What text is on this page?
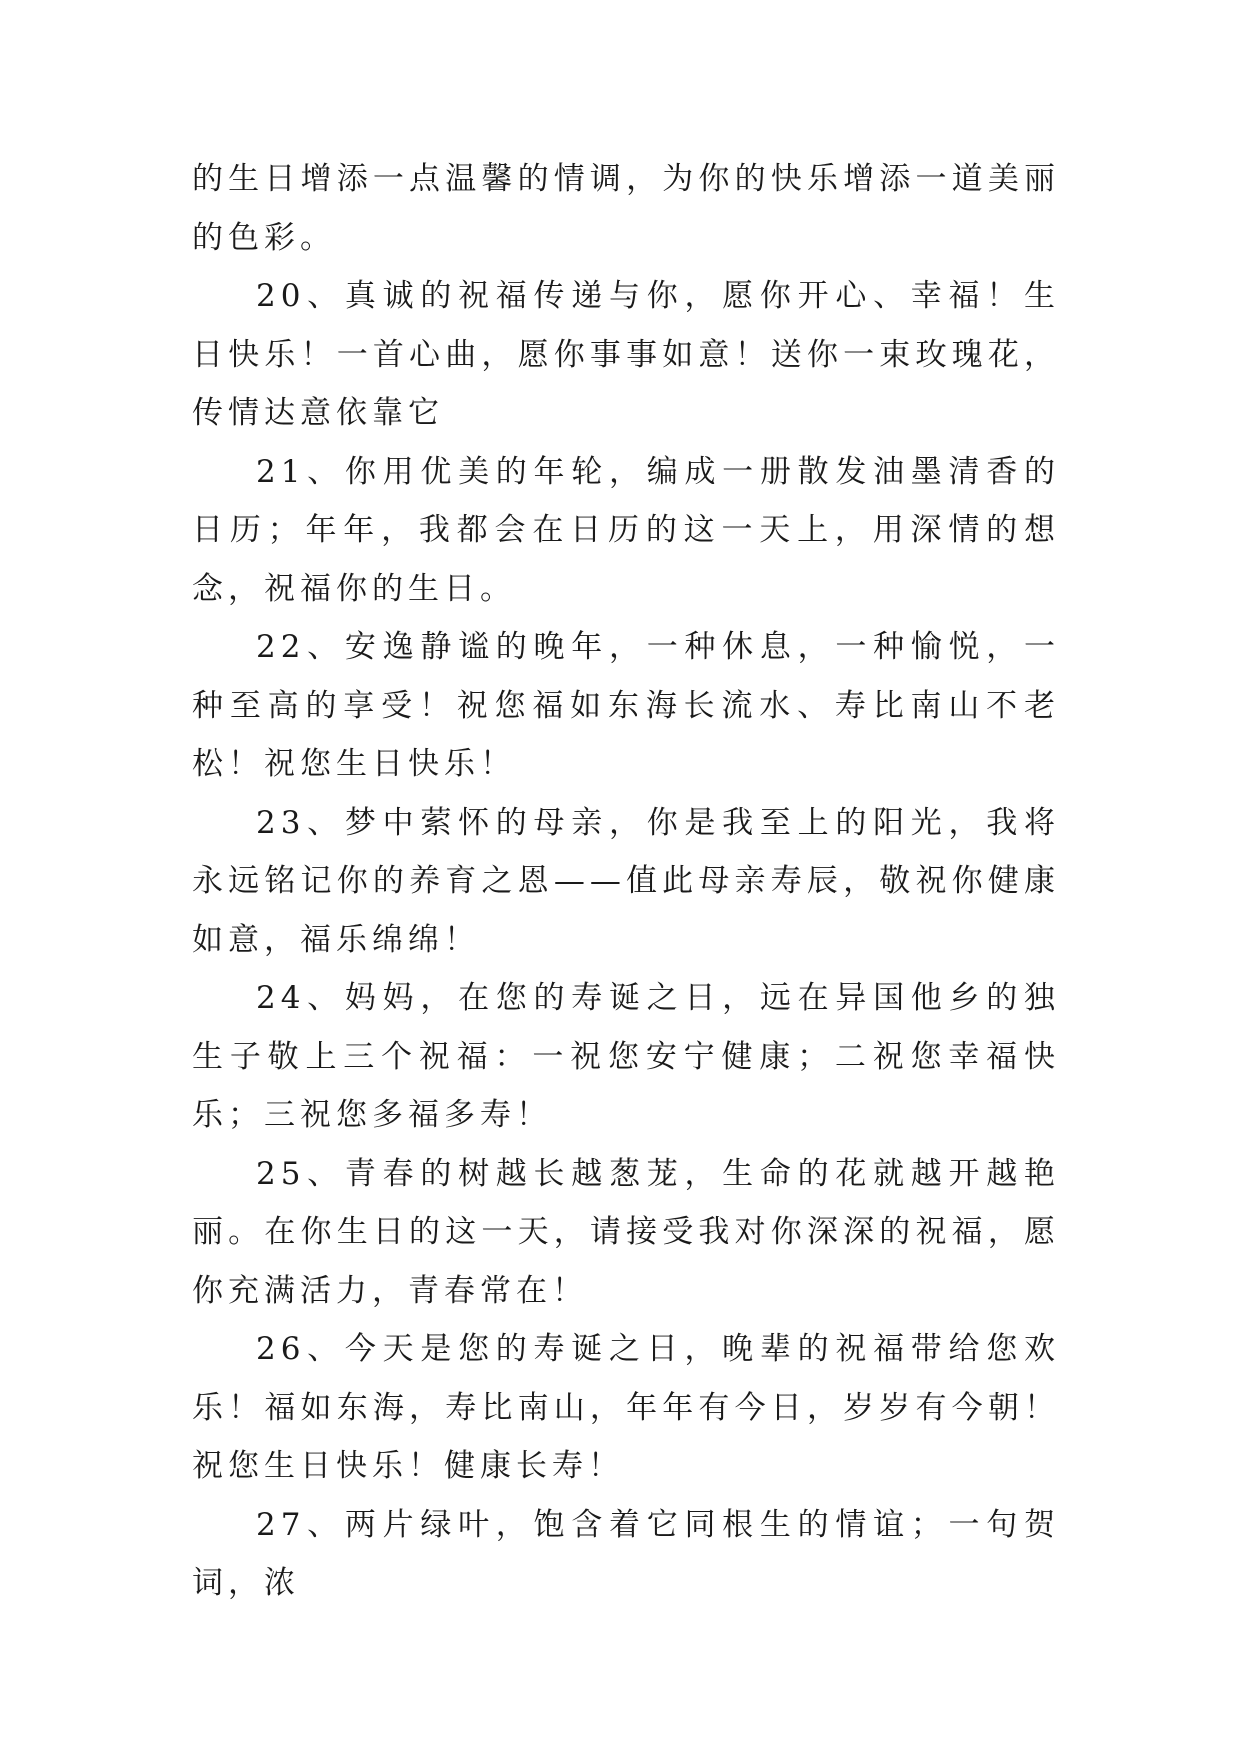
的生日增添一点温馨的情调，为你的快乐增添一道美丽的色彩。

20、真诚的祝福传递与你，愿你开心、幸福！生日快乐！一首心曲，愿你事事如意！送你一束玫瑰花，传情达意依靠它

21、你用优美的年轮，编成一册散发油墨清香的日历；年年，我都会在日历的这一天上，用深情的想念，祝福你的生日。

22、安逸静谧的晚年，一种休息，一种愉悦，一种至高的享受！祝您福如东海长流水、寿比南山不老松！祝您生日快乐！

23、梦中萦怀的母亲，你是我至上的阳光，我将永远铭记你的养育之恩——值此母亲寿辰，敬祝你健康如意，福乐绵绵！

24、妈妈，在您的寿诞之日，远在异国他乡的独生子敬上三个祝福：一祝您安宁健康；二祝您幸福快乐；三祝您多福多寿！

25、青春的树越长越葱茏，生命的花就越开越艳丽。在你生日的这一天，请接受我对你深深的祝福，愿你充满活力，青春常在！

26、今天是您的寿诞之日，晚辈的祝福带给您欢乐！福如东海，寿比南山，年年有今日，岁岁有今朝！祝您生日快乐！健康长寿！

27、两片绿叶，饱含着它同根生的情谊；一句贺词，浓
